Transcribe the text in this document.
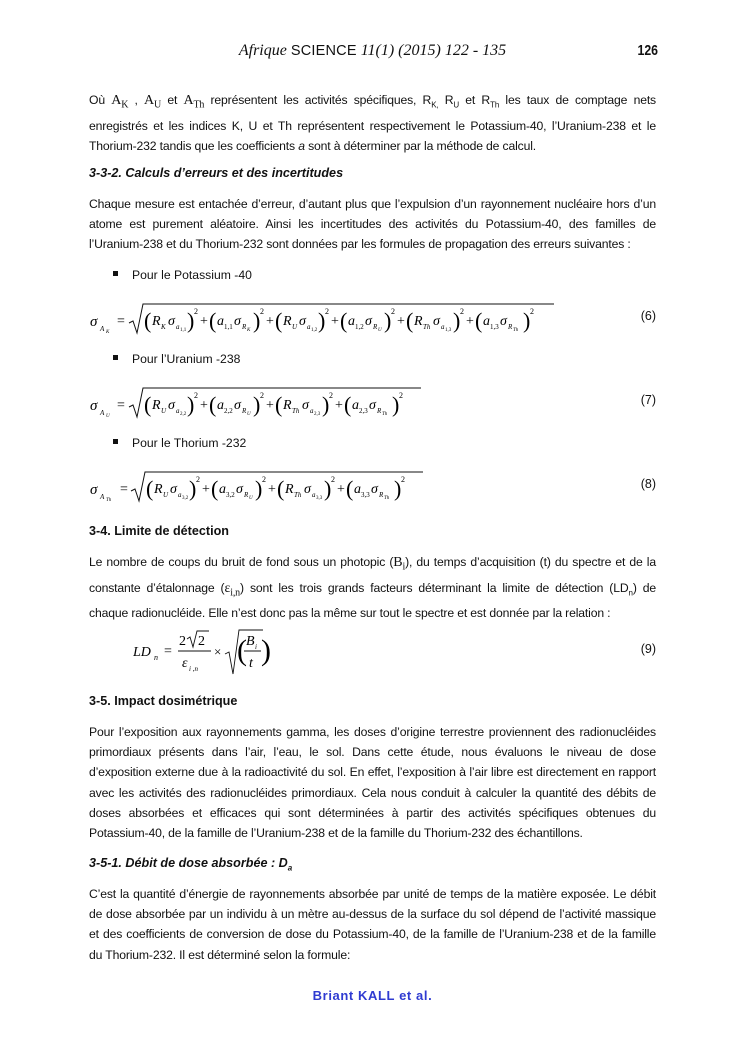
Afrique SCIENCE 11(1) (2015) 122 - 135	126
Où $A_K$ , $A_U$ et $A_{Th}$ représentent les activités spécifiques, $R_{K,}$ $R_U$ et $R_{Th}$ les taux de comptage nets enregistrés et les indices K, U et Th représentent respectivement le Potassium-40, l’Uranium-238 et le Thorium-232 tandis que les coefficients a sont à déterminer par la méthode de calcul.
3-3-2. Calculs d’erreurs et des incertitudes
Chaque mesure est entachée d’erreur, d’autant plus que l’expulsion d’un rayonnement nucléaire hors d’un atome est purement aléatoire. Ainsi les incertitudes des activités du Potassium-40, des familles de l’Uranium-238 et du Thorium-232 sont données par les formules de propagation des erreurs suivantes :
Pour le Potassium -40
σ A K
= ( R K σ a 1,1 ) 2
+ ( a 1,1 σ R K ) 2
+ ( R U σ a 1,2 ) 2
+ ( a 1,2 σ R U ) 2
+ ( R Th σ a 1,3 ) 2
+ ( a 1,3 σ R Th ) 2	(6)
Pour l’Uranium -238
σ A U
= ( R U σ a 2,2 ) 2
+ ( a 2,2 σ R U ) 2
+ ( R Th σ a 2,3 ) 2
+ ( a 2,3 σ R Th ) 2	(7)
Pour le Thorium -232
σ A Th
= ( R U σ a 3,2 ) 2
+ ( a 3,2 σ R U ) 2
+ ( R Th σ a 3,3 ) 2
+ ( a 3,3 σ R Th ) 2	(8)
3-4. Limite de détection
Le nombre de coups du bruit de fond sous un photopic $(B_i)$, du temps d’acquisition (t) du spectre et de la constante d’étalonnage $(\varepsilon_{i,n})$ sont les trois grands facteurs déterminant la limite de détection $(LD_n)$ de chaque radionucléide. Elle n’est donc pas la même sur tout le spectre et est donnée par la relation :
LD n =
2 2
ε i ,n
× ( B i
t )	(9)
3-5. Impact dosimétrique
Pour l’exposition aux rayonnements gamma, les doses d’origine terrestre proviennent des radionucléides primordiaux présents dans l’air, l’eau, le sol. Dans cette étude, nous évaluons le niveau de dose d’exposition externe due à la radioactivité du sol. En effet, l’exposition à l’air libre est directement en rapport avec les activités des radionucléides primordiaux. Cela nous conduit à calculer la quantité des débits de doses absorbées et efficaces qui sont déterminées à partir des activités spécifiques obtenues du Potassium-40, de la famille de l’Uranium-238 et de la famille du Thorium-232 des échantillons.
3-5-1. Débit de dose absorbée : $D_a$
C’est la quantité d’énergie de rayonnements absorbée par unité de temps de la matière exposée. Le débit de dose absorbée par un individu à un mètre au-dessus de la surface du sol dépend de l’activité massique et des coefficients de conversion de dose du Potassium-40, de la famille de l’Uranium-238 et de la famille du Thorium-232. Il est déterminé selon la formule:
Briant KALL et al.
